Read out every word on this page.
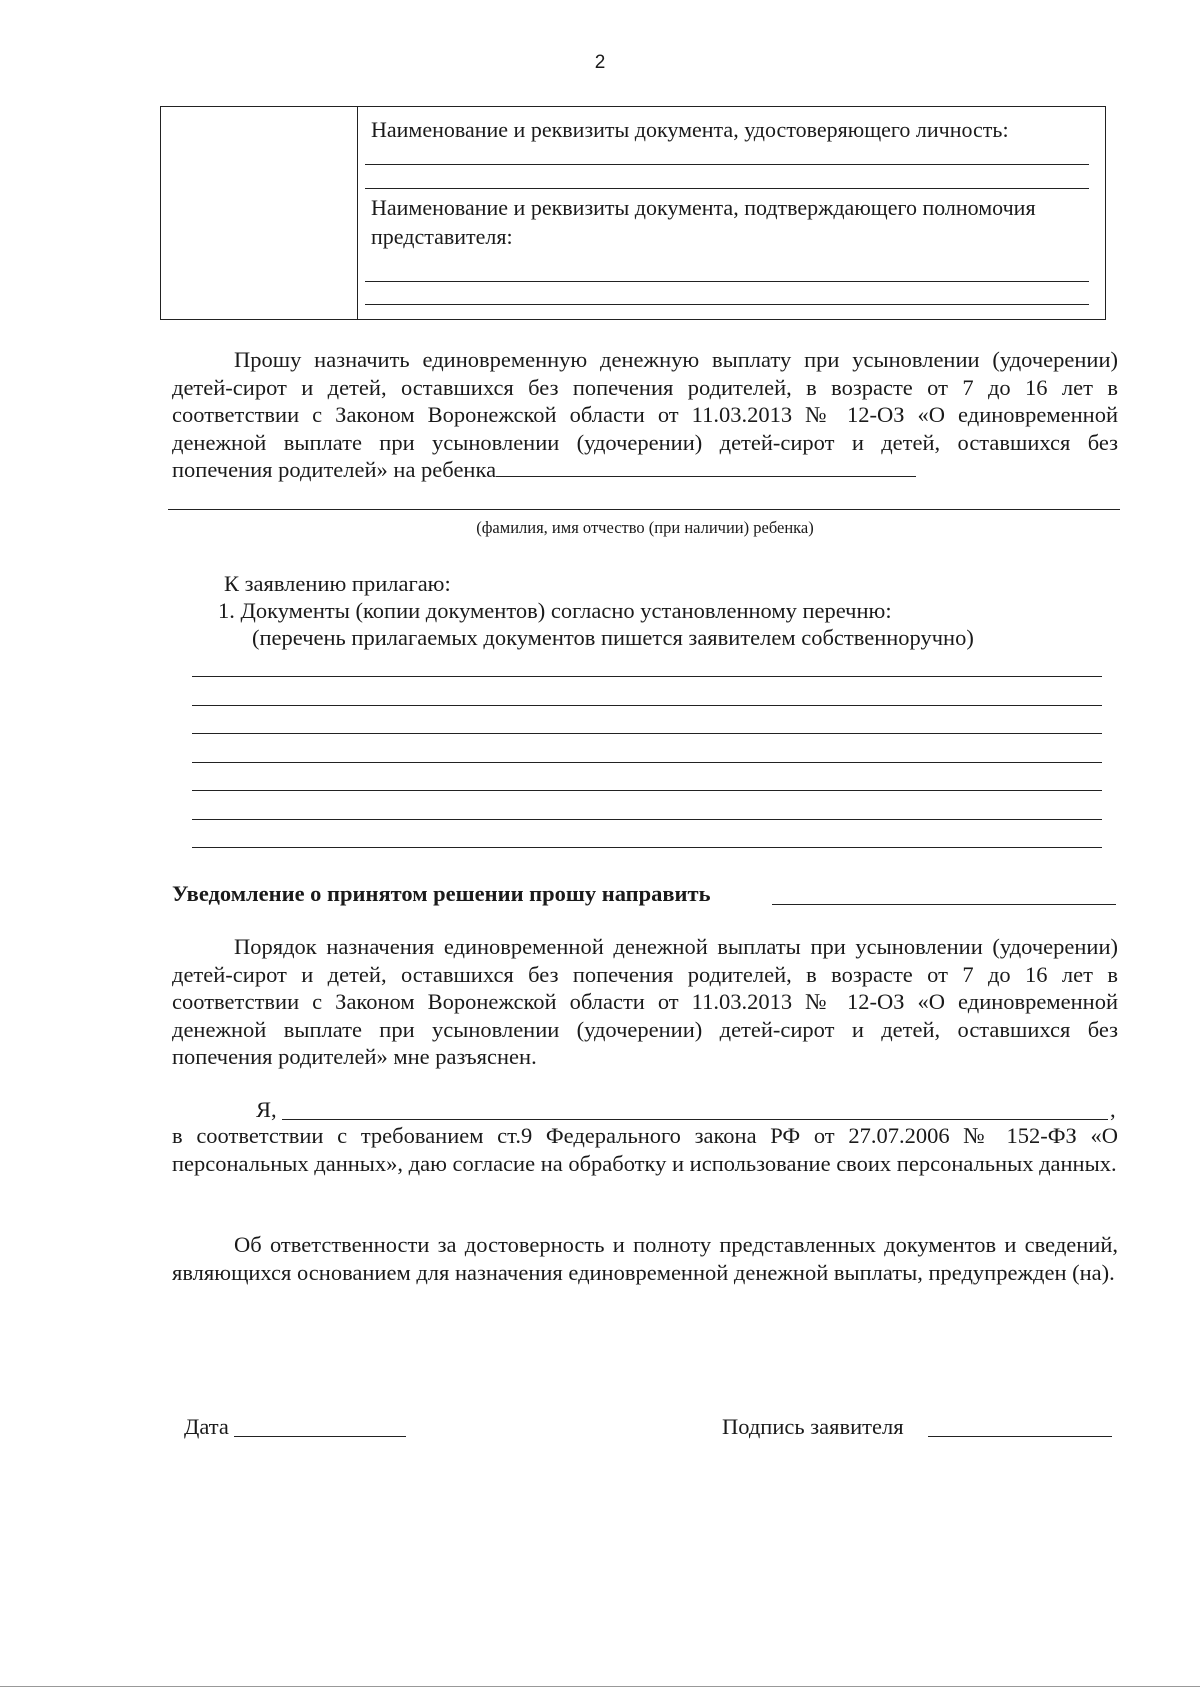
2
Наименование и реквизиты документа, удостоверяющего личность:
Наименование и реквизиты документа, подтверждающего полномочия представителя:
Прошу назначить единовременную денежную выплату при усыновлении (удочерении) детей-сирот и детей, оставшихся без попечения родителей, в возрасте от 7 до 16 лет в соответствии с Законом Воронежской области от 11.03.2013 № 12-ОЗ «О единовременной денежной выплате при усыновлении (удочерении) детей-сирот и детей, оставшихся без попечения родителей» на ребенка
(фамилия, имя отчество (при наличии) ребенка)
К заявлению прилагаю:
1. Документы (копии документов) согласно установленному перечню:
(перечень прилагаемых документов пишется заявителем собственноручно)
Уведомление о принятом решении прошу направить
Порядок назначения единовременной денежной выплаты при усыновлении (удочерении) детей-сирот и детей, оставшихся без попечения родителей, в возрасте от 7 до 16 лет в соответствии с Законом Воронежской области от 11.03.2013 № 12-ОЗ «О единовременной денежной выплате при усыновлении (удочерении) детей-сирот и детей, оставшихся без попечения родителей» мне разъяснен.
Я,	,
в соответствии с требованием ст.9 Федерального закона РФ от 27.07.2006 № 152-ФЗ «О персональных данных», даю согласие на обработку и использование своих персональных данных.
Об ответственности за достоверность и полноту представленных документов и сведений, являющихся основанием для назначения единовременной денежной выплаты, предупрежден (на).
Дата	Подпись заявителя
